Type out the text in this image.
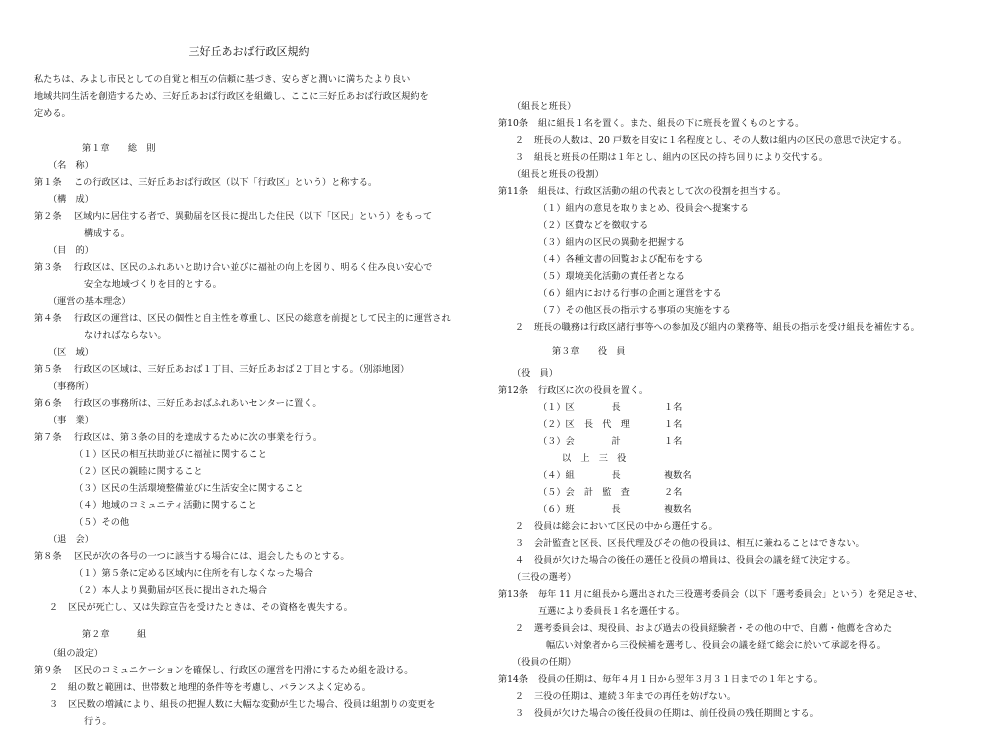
三好丘あおば行政区規約

私たちは、みよし市民としての自覚と相互の信頼に基づき、安らぎと潤いに満ちたより良い

地域共同生活を創造するため、三好丘あおば行政区を組織し、ここに三好丘あおば行政区規約を

定める。

第１章　　総　則

（名　称）

第１条	この行政区は、三好丘あおば行政区（以下「行政区」という）と称する。

（構　成）

第２条	区域内に居住する者で、異動届を区長に提出した住民（以下「区民」という）をもって

構成する。

（目　的）

第３条	行政区は、区民のふれあいと助け合い並びに福祉の向上を図り、明るく住み良い安心で

安全な地域づくりを目的とする。

（運営の基本理念）

第４条	行政区の運営は、区民の個性と自主性を尊重し、区民の総意を前提として民主的に運営され

なければならない。

（区　域）

第５条	行政区の区域は、三好丘あおば１丁目、三好丘あおば２丁目とする。（別添地図）

（事務所）

第６条	行政区の事務所は、三好丘あおばふれあいセンターに置く。

（事　業）

第７条	行政区は、第３条の目的を達成するために次の事業を行う。

（１）区民の相互扶助並びに福祉に関すること

（２）区民の親睦に関すること

（３）区民の生活環境整備並びに生活安全に関すること

（４）地域のコミュニティ活動に関すること

（５）その他

（退　会）

第８条	区民が次の各号の一つに該当する場合には、退会したものとする。

（１）第５条に定める区域内に住所を有しなくなった場合

（２）本人より異動届が区長に提出された場合

２	区民が死亡し、又は失踪宣告を受けたときは、その資格を喪失する。

第２章　　　組

（組の設定）

第９条	区民のコミュニケーションを確保し、行政区の運営を円滑にするため組を設ける。
２	組の数と範囲は、世帯数と地理的条件等を考慮し、バランスよく定める。
３	区民数の増減により、組長の把握人数に大幅な変動が生じた場合、役員は組割りの変更を

行う。

（組長と班長）

第10条	組に組長１名を置く。また、組長の下に班長を置くものとする。
２	班長の人数は、20 戸数を目安に１名程度とし、その人数は組内の区民の意思で決定する。
３	組長と班長の任期は１年とし、組内の区民の持ち回りにより交代する。

（組長と班長の役割）

第11条	組長は、行政区活動の組の代表として次の役割を担当する。

（１）組内の意見を取りまとめ、役員会へ提案する

（２）区費などを徴収する

（３）組内の区民の異動を把握する

（４）各種文書の回覧および配布をする

（５）環境美化活動の責任者となる

（６）組内における行事の企画と運営をする

（７）その他区長の指示する事項の実施をする

２	班長の職務は行政区諸行事等への参加及び組内の業務等、組長の指示を受け組長を補佐する。

第３章　　役　員

（役　員）

第12条	行政区に次の役員を置く。
（１）区　　　　長	１名
（２）区　長　代　理	１名
（３）会　　　　計	１名

以　上　三　役

（４）組　　　　長	複数名
（５）会　計　監　査	２名
（６）班　　　　長	複数名
２	役員は総会において区民の中から選任する。
３	会計監査と区長、区長代理及びその他の役員は、相互に兼ねることはできない。
４	役員が欠けた場合の後任の選任と役員の増員は、役員会の議を経て決定する。

（三役の選考）

第13条	毎年 11 月に組長から選出された三役選考委員会（以下「選考委員会」という）を発足させ、

互選により委員長１名を選任する。

２	選考委員会は、現役員、および過去の役員経験者・その他の中で、自薦・他薦を含めた

幅広い対象者から三役候補を選考し、役員会の議を経て総会に於いて承認を得る。

（役員の任期）

第14条	役員の任期は、毎年４月１日から翌年３月３１日までの１年とする。
２	三役の任期は、連続３年までの再任を妨げない。
３	役員が欠けた場合の後任役員の任期は、前任役員の残任期間とする。
